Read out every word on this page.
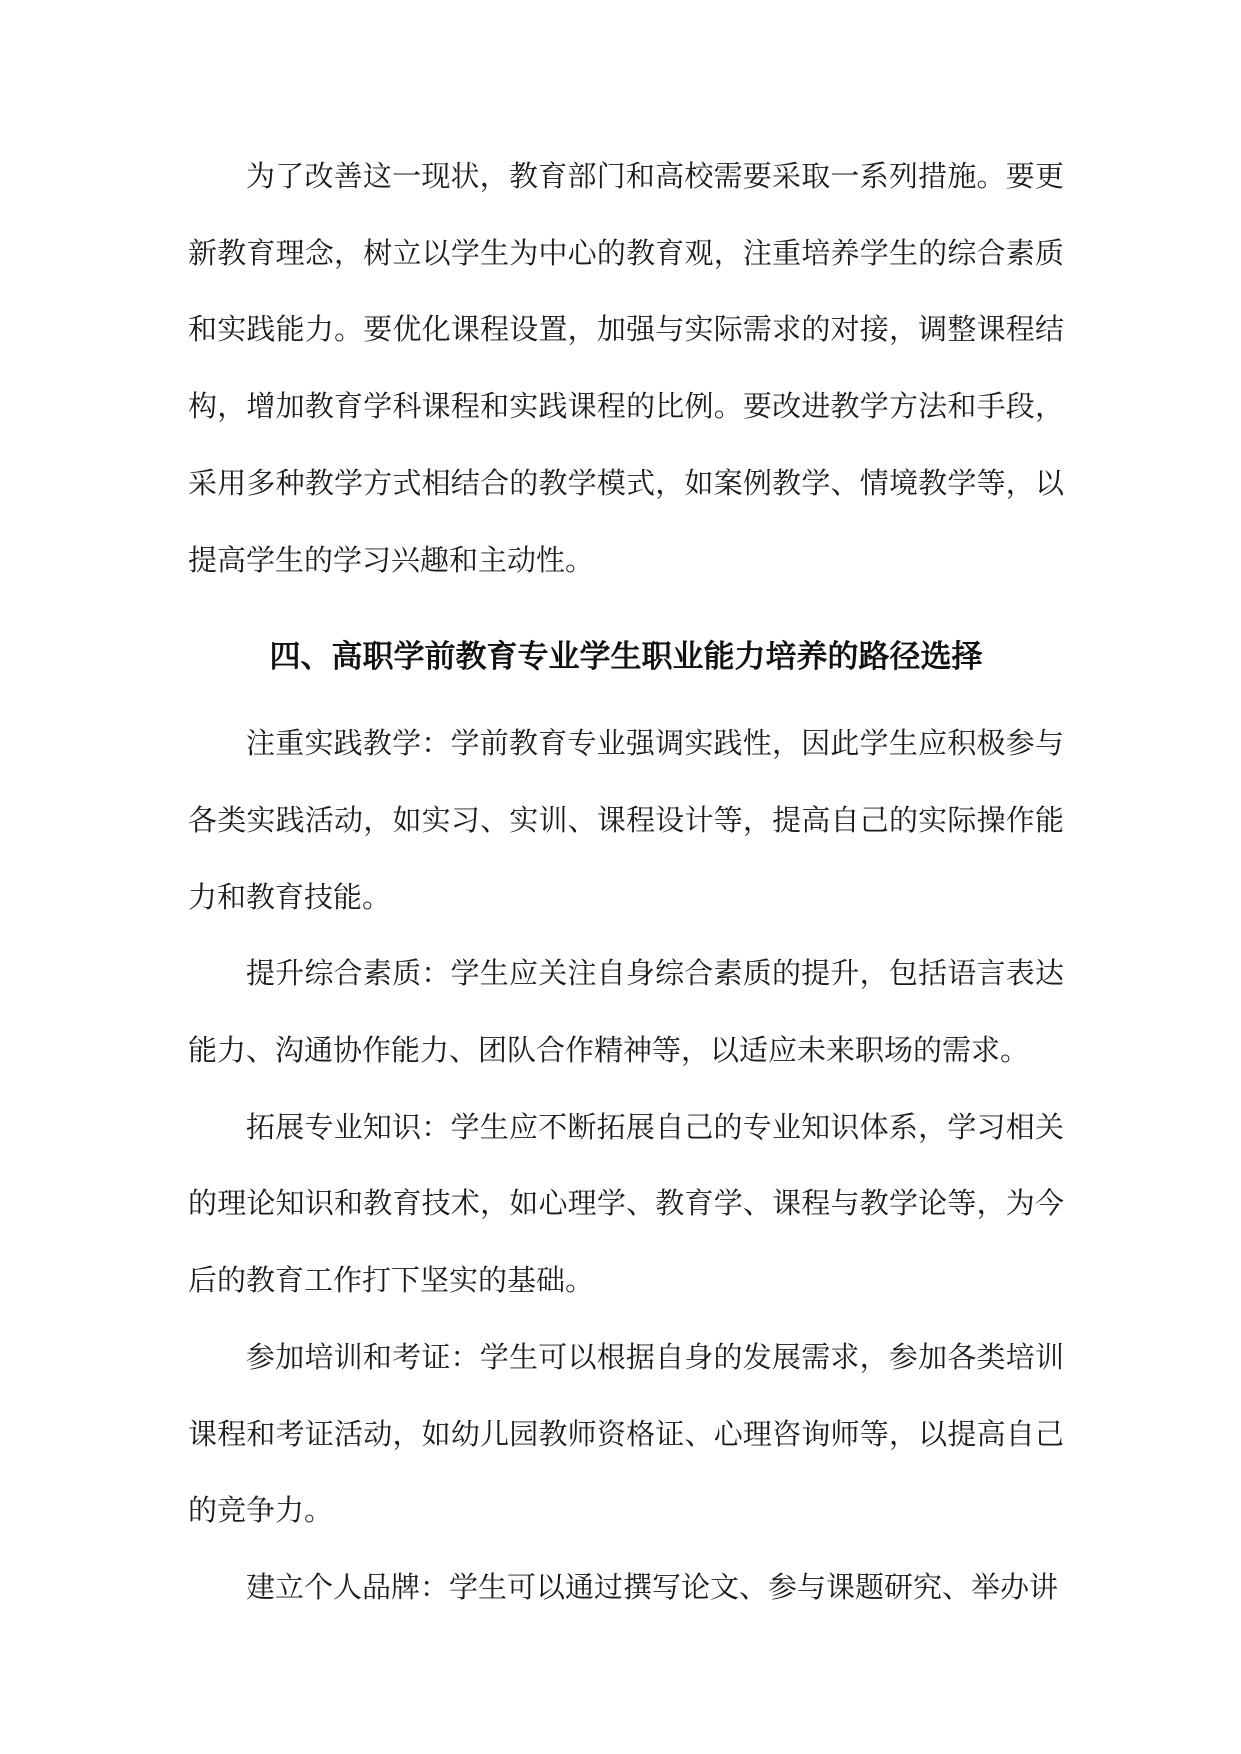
为了改善这一现状，教育部门和高校需要采取一系列措施。要更新教育理念，树立以学生为中心的教育观，注重培养学生的综合素质和实践能力。要优化课程设置，加强与实际需求的对接，调整课程结构，增加教育学科课程和实践课程的比例。要改进教学方法和手段，采用多种教学方式相结合的教学模式，如案例教学、情境教学等，以提高学生的学习兴趣和主动性。

四、高职学前教育专业学生职业能力培养的路径选择

注重实践教学：学前教育专业强调实践性，因此学生应积极参与各类实践活动，如实习、实训、课程设计等，提高自己的实际操作能力和教育技能。

提升综合素质：学生应关注自身综合素质的提升，包括语言表达能力、沟通协作能力、团队合作精神等，以适应未来职场的需求。

拓展专业知识：学生应不断拓展自己的专业知识体系，学习相关的理论知识和教育技术，如心理学、教育学、课程与教学论等，为今后的教育工作打下坚实的基础。

参加培训和考证：学生可以根据自身的发展需求，参加各类培训课程和考证活动，如幼儿园教师资格证、心理咨询师等，以提高自己的竞争力。

建立个人品牌：学生可以通过撰写论文、参与课题研究、举办讲
